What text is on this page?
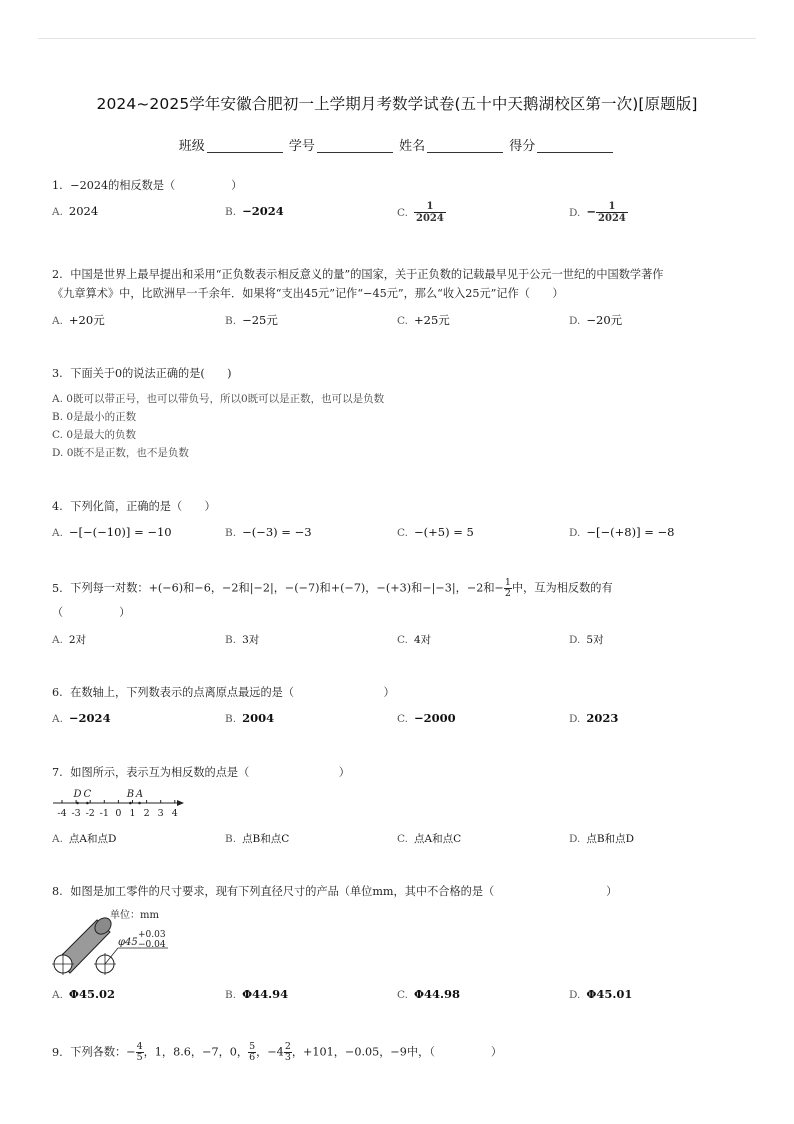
2024~2025学年安徽合肥初一上学期月考数学试卷(五十中天鹅湖校区第一次)[原题版]
班级	学号	姓名	得分
1. −2024的相反数是（　　　　　）
A. 2024	B. −2024	C. $\frac{1}{2024}$	D. − $\frac{1}{2024}$
2. 中国是世界上最早提出和采用“正负数表示相反意义的量”的国家，关于正负数的记载最早见于公元一世纪的中国数学著作
《九章算术》中，比欧洲早一千余年．如果将“支出45元”记作“−45元”，那么“收入25元”记作（　　）
A. +20元	B. −25元	C. +25元	D. −20元
3. 下面关于0的说法正确的是(　　)
A. 0既可以带正号，也可以带负号，所以0既可以是正数，也可以是负数
B. 0是最小的正数
C. 0是最大的负数
D. 0既不是正数，也不是负数
4. 下列化简，正确的是（　　）
A. −[−(−10)] = −10	B. −(−3) = −3	C. −(+5) = 5	D. −[−(+8)] = −8
5. 下列每一对数：+(−6)和−6，−2和|−2|，−(−7)和+(−7)，−(+3)和−|−3|，−2和− $\frac{1}{2}$ 中，互为相反数的有
（　　　　　）
A. 2对	B. 3对	C. 4对	D. 5对
6. 在数轴上，下列数表示的点离原点最远的是（　　　　　　　　）
A. −2024	B. 2004	C. −2000	D. 2023
7. 如图所示，表示互为相反数的点是（　　　　　　　　）
-4 -3 -2 -1 0 1 2 3 4
D C	B A
A. 点A和点D	B. 点B和点C	C. 点A和点C	D. 点B和点D
8. 如图是加工零件的尺寸要求，现有下列直径尺寸的产品（单位mm，其中不合格的是（　　　　　　　　　　）
单位：mm
φ45
+0.03
−0.04
A. Φ45.02	B. Φ44.94	C. Φ44.98	D. Φ45.01
9. 下列各数：− $\frac{4}{5}$ ，1，8.6，−7，0， $\frac{5}{6}$ ，$-4 \frac{2}{3}$ ，+101，−0.05，−9中，（　　　　　）
